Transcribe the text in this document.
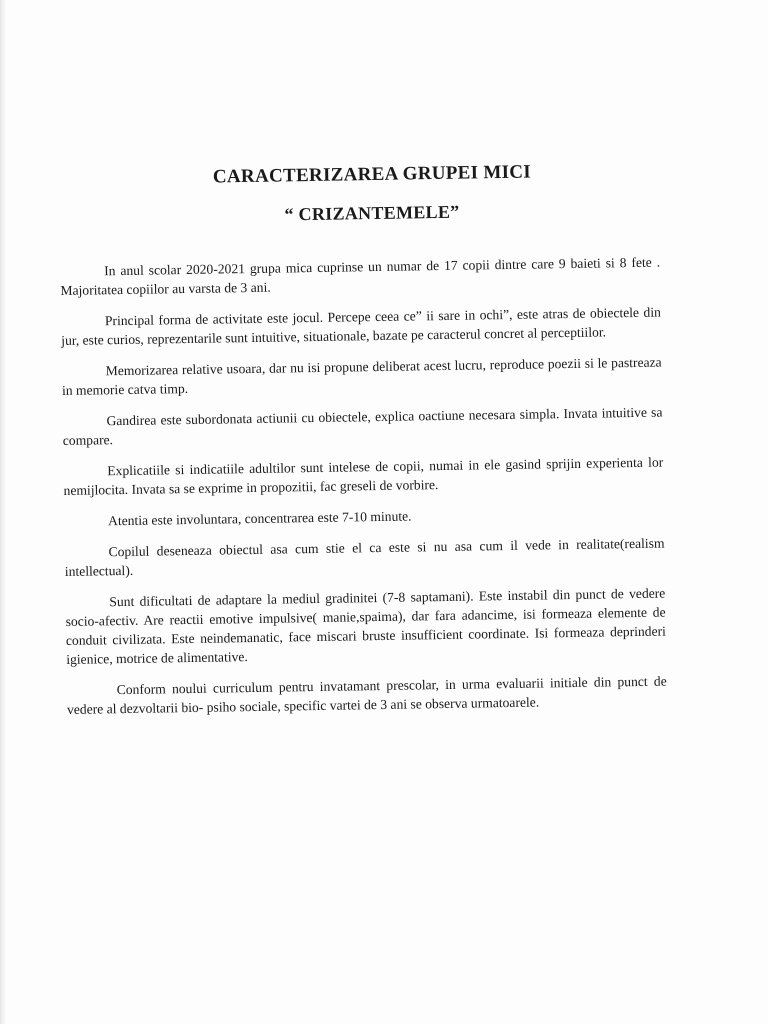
CARACTERIZAREA GRUPEI MICI
“ CRIZANTEMELE”

In anul scolar 2020-2021 grupa mica cuprinse un numar de 17 copii dintre care 9 baieti si 8 fete . Majoritatea copiilor au varsta de 3 ani.

Principal forma de activitate este jocul. Percepe ceea ce” ii sare in ochi”, este atras de obiectele din jur, este curios, reprezentarile sunt intuitive, situationale, bazate pe caracterul concret al perceptiilor.

Memorizarea relative usoara, dar nu isi propune deliberat acest lucru, reproduce poezii si le pastreaza in memorie catva timp.

Gandirea este subordonata actiunii cu obiectele, explica oactiune necesara simpla. Invata intuitive sa compare.

Explicatiile si indicatiile adultilor sunt intelese de copii, numai in ele gasind sprijin experienta lor nemijlocita. Invata sa se exprime in propozitii, fac greseli de vorbire.

Atentia este involuntara, concentrarea este 7-10 minute.

Copilul deseneaza obiectul asa cum stie el ca este si nu asa cum il vede in realitate(realism intellectual).

Sunt dificultati de adaptare la mediul gradinitei (7-8 saptamani). Este instabil din punct de vedere socio-afectiv. Are reactii emotive impulsive( manie,spaima), dar fara adancime, isi formeaza elemente de conduit civilizata. Este neindemanatic, face miscari bruste insufficient coordinate. Isi formeaza deprinderi igienice, motrice de alimentative.

Conform noului curriculum pentru invatamant prescolar, in urma evaluarii initiale din punct de vedere al dezvoltarii bio- psiho sociale, specific vartei de 3 ani se observa urmatoarele.
